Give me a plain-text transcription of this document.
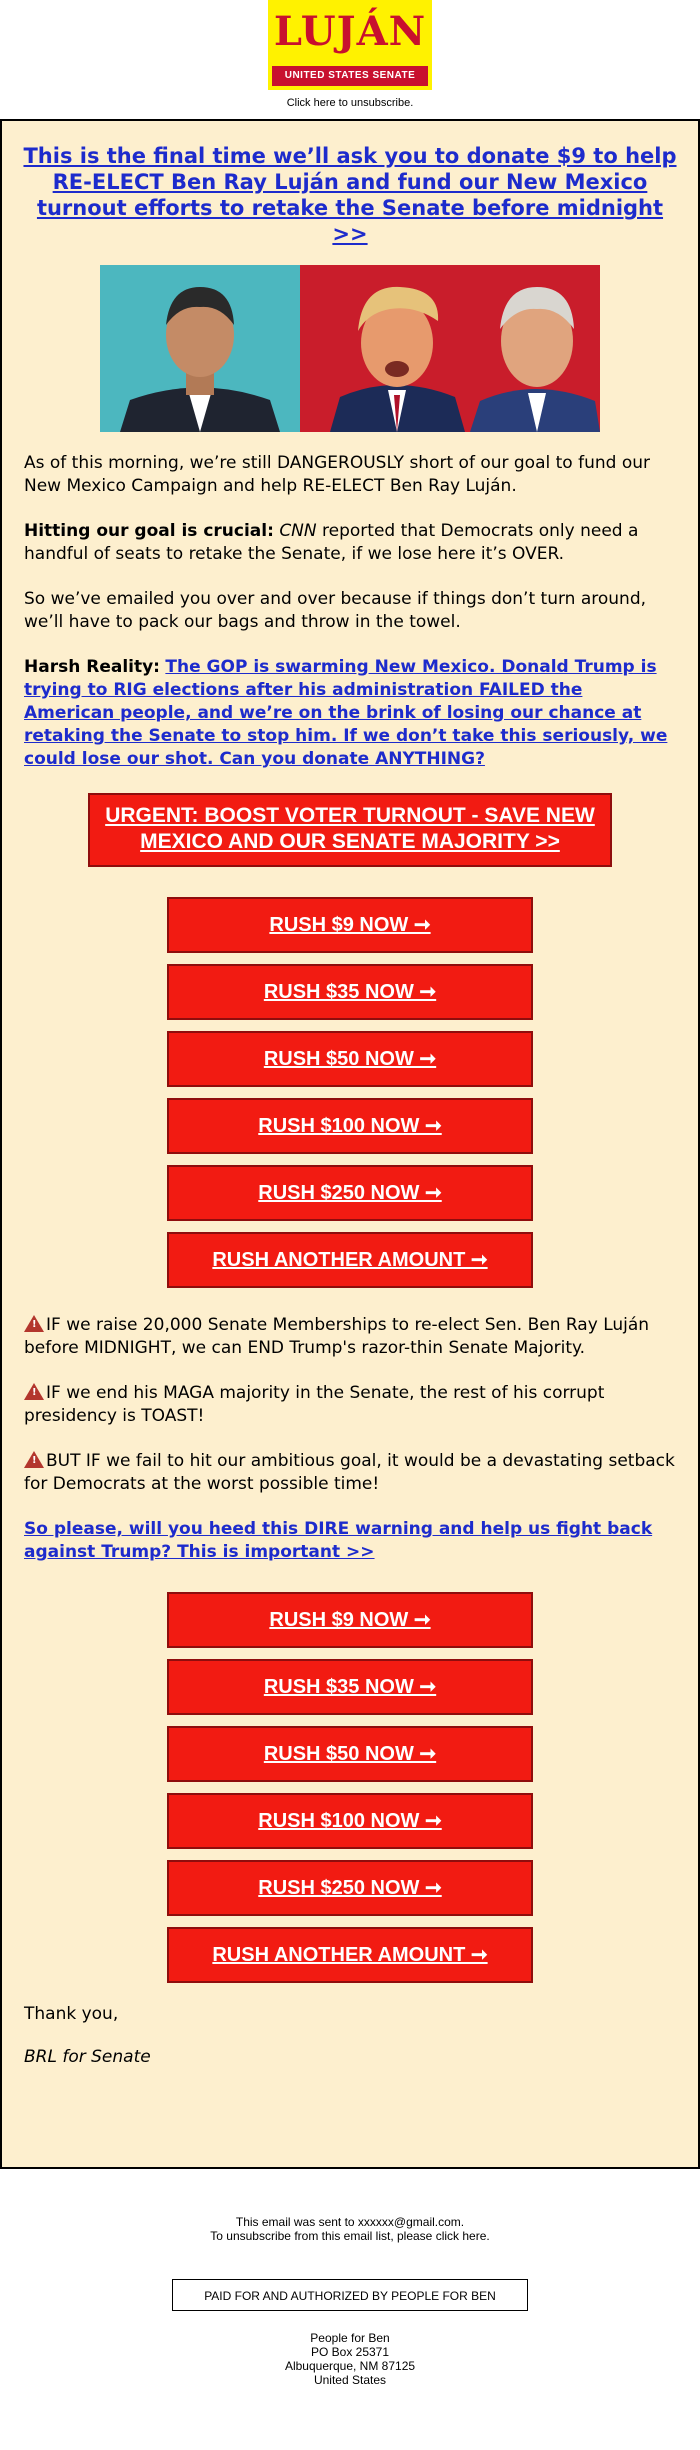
LUJÁN
UNITED STATES SENATE
Click here to unsubscribe.
This is the final time we’ll ask you to donate $9 to help RE-ELECT Ben Ray Luján and fund our New Mexico turnout efforts to retake the Senate before midnight >>

As of this morning, we’re still DANGEROUSLY short of our goal to fund our New Mexico Campaign and help RE-ELECT Ben Ray Luján.

Hitting our goal is crucial: CNN reported that Democrats only need a handful of seats to retake the Senate, if we lose here it’s OVER.

So we’ve emailed you over and over because if things don’t turn around, we’ll have to pack our bags and throw in the towel.

Harsh Reality: The GOP is swarming New Mexico. Donald Trump is trying to RIG elections after his administration FAILED the American people, and we’re on the brink of losing our chance at retaking the Senate to stop him. If we don’t take this seriously, we could lose our shot. Can you donate ANYTHING?

URGENT: BOOST VOTER TURNOUT - SAVE NEW MEXICO AND OUR SENATE MAJORITY >>
RUSH $9 NOW ➞
RUSH $35 NOW ➞
RUSH $50 NOW ➞
RUSH $100 NOW ➞
RUSH $250 NOW ➞
RUSH ANOTHER AMOUNT ➞

!IF we raise 20,000 Senate Memberships to re-elect Sen. Ben Ray Luján before MIDNIGHT, we can END Trump's razor-thin Senate Majority.

!IF we end his MAGA majority in the Senate, the rest of his corrupt presidency is TOAST!

!BUT IF we fail to hit our ambitious goal, it would be a devastating setback for Democrats at the worst possible time!

So please, will you heed this DIRE warning and help us fight back against Trump? This is important >>

RUSH $9 NOW ➞
RUSH $35 NOW ➞
RUSH $50 NOW ➞
RUSH $100 NOW ➞
RUSH $250 NOW ➞
RUSH ANOTHER AMOUNT ➞

Thank you,

BRL for Senate

This email was sent to xxxxxx@gmail.com.
To unsubscribe from this email list, please click here.
PAID FOR AND AUTHORIZED BY PEOPLE FOR BEN
People for Ben
PO Box 25371
Albuquerque, NM 87125
United States
